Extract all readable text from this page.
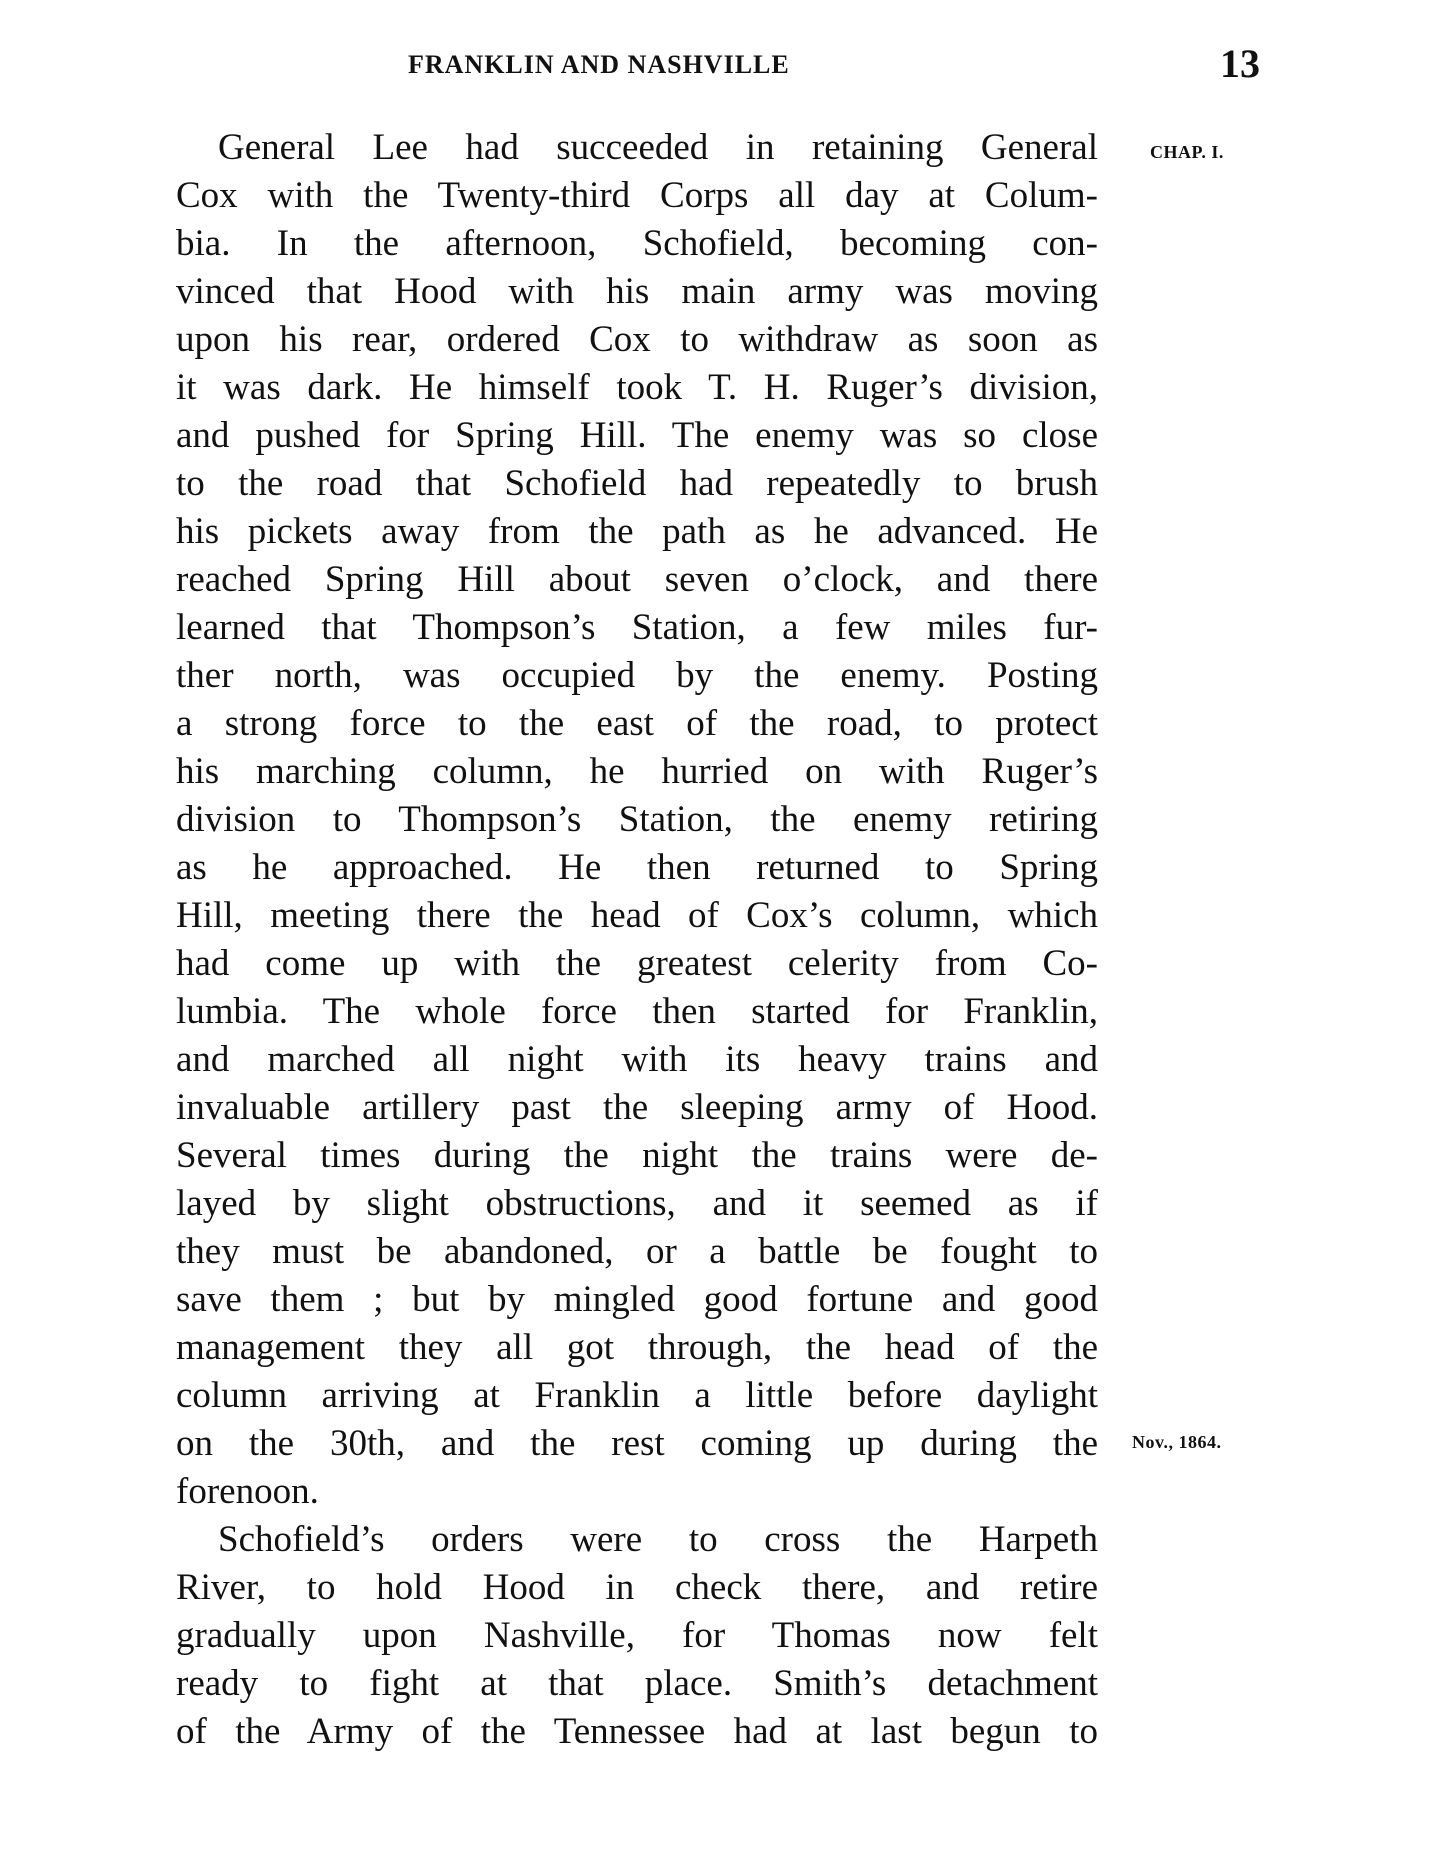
FRANKLIN AND NASHVILLE	13
CHAP. I.
Nov., 1864.
General Lee had succeeded in retaining General
Cox with the Twenty-third Corps all day at Colum-
bia. In the afternoon, Schofield, becoming con-
vinced that Hood with his main army was moving
upon his rear, ordered Cox to withdraw as soon as
it was dark. He himself took T. H. Ruger’s division,
and pushed for Spring Hill. The enemy was so close
to the road that Schofield had repeatedly to brush
his pickets away from the path as he advanced. He
reached Spring Hill about seven o’clock, and there
learned that Thompson’s Station, a few miles fur-
ther north, was occupied by the enemy. Posting
a strong force to the east of the road, to protect
his marching column, he hurried on with Ruger’s
division to Thompson’s Station, the enemy retiring
as he approached. He then returned to Spring
Hill, meeting there the head of Cox’s column, which
had come up with the greatest celerity from Co-
lumbia. The whole force then started for Franklin,
and marched all night with its heavy trains and
invaluable artillery past the sleeping army of Hood.
Several times during the night the trains were de-
layed by slight obstructions, and it seemed as if
they must be abandoned, or a battle be fought to
save them ; but by mingled good fortune and good
management they all got through, the head of the
column arriving at Franklin a little before daylight
on the 30th, and the rest coming up during the
forenoon.
Schofield’s orders were to cross the Harpeth
River, to hold Hood in check there, and retire
gradually upon Nashville, for Thomas now felt
ready to fight at that place. Smith’s detachment
of the Army of the Tennessee had at last begun to
